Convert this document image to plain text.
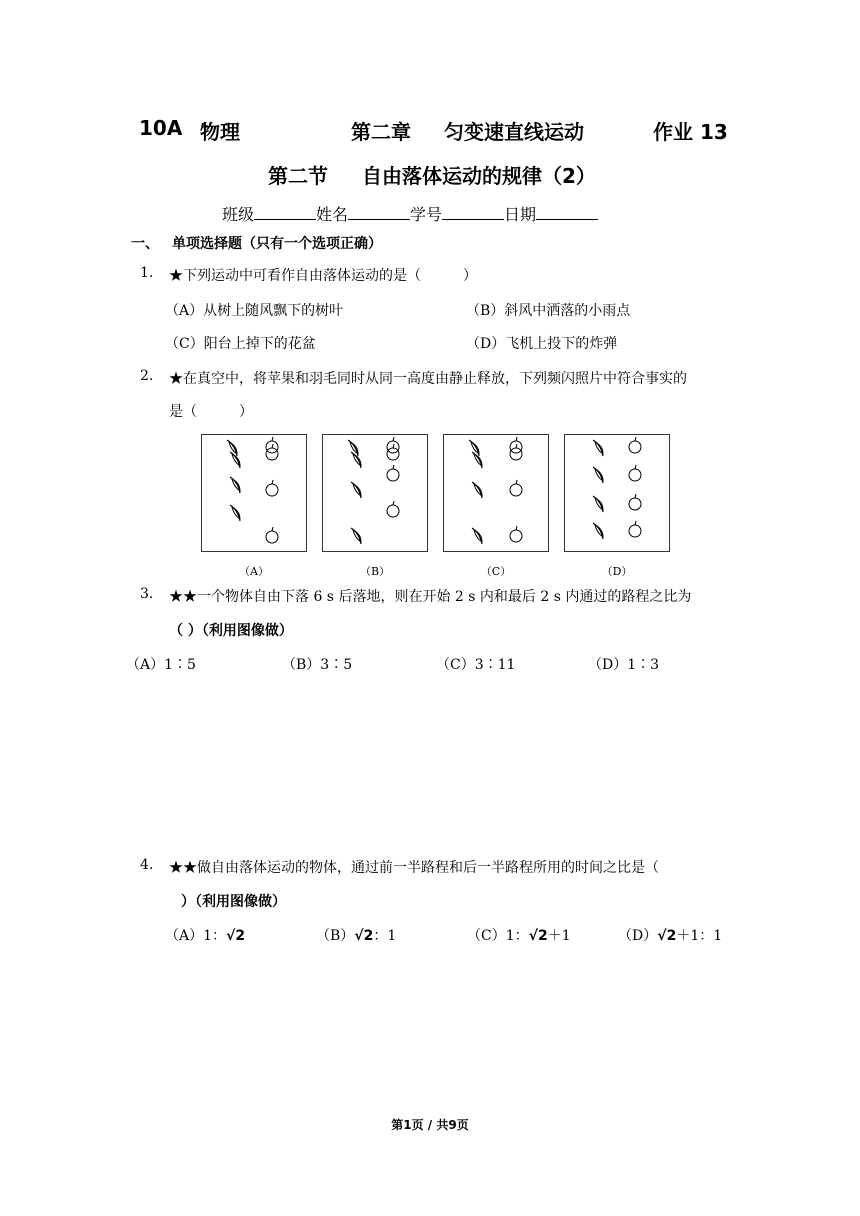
10A 物理	第二章 匀变速直线运动	作业 13
第二节 自由落体运动的规律（2）
班级	姓名	学号	日期
一、 单项选择题（只有一个选项正确）
1. ★下列运动中可看作自由落体运动的是（　　　）
（A）从树上随风飘下的树叶	（B）斜风中洒落的小雨点
（C）阳台上掉下的花盆	（D）飞机上投下的炸弹
2. ★在真空中，将苹果和羽毛同时从同一高度由静止释放，下列频闪照片中符合事实的
是（　　　）
（A）	（B）	（C）	（D）
3. ★★一个物体自由下落 6 s 后落地，则在开始 2 s 内和最后 2 s 内通过的路程之比为
（ ）（利用图像做）
（A）1∶5	（B）3∶5	（C）3∶11	（D）1∶3
4. ★★做自由落体运动的物体，通过前一半路程和后一半路程所用的时间之比是（
）（利用图像做）
（A）1：√2	（B）√2：1	（C）1：√2＋1	（D）√2＋1：1
第1页 / 共9页
